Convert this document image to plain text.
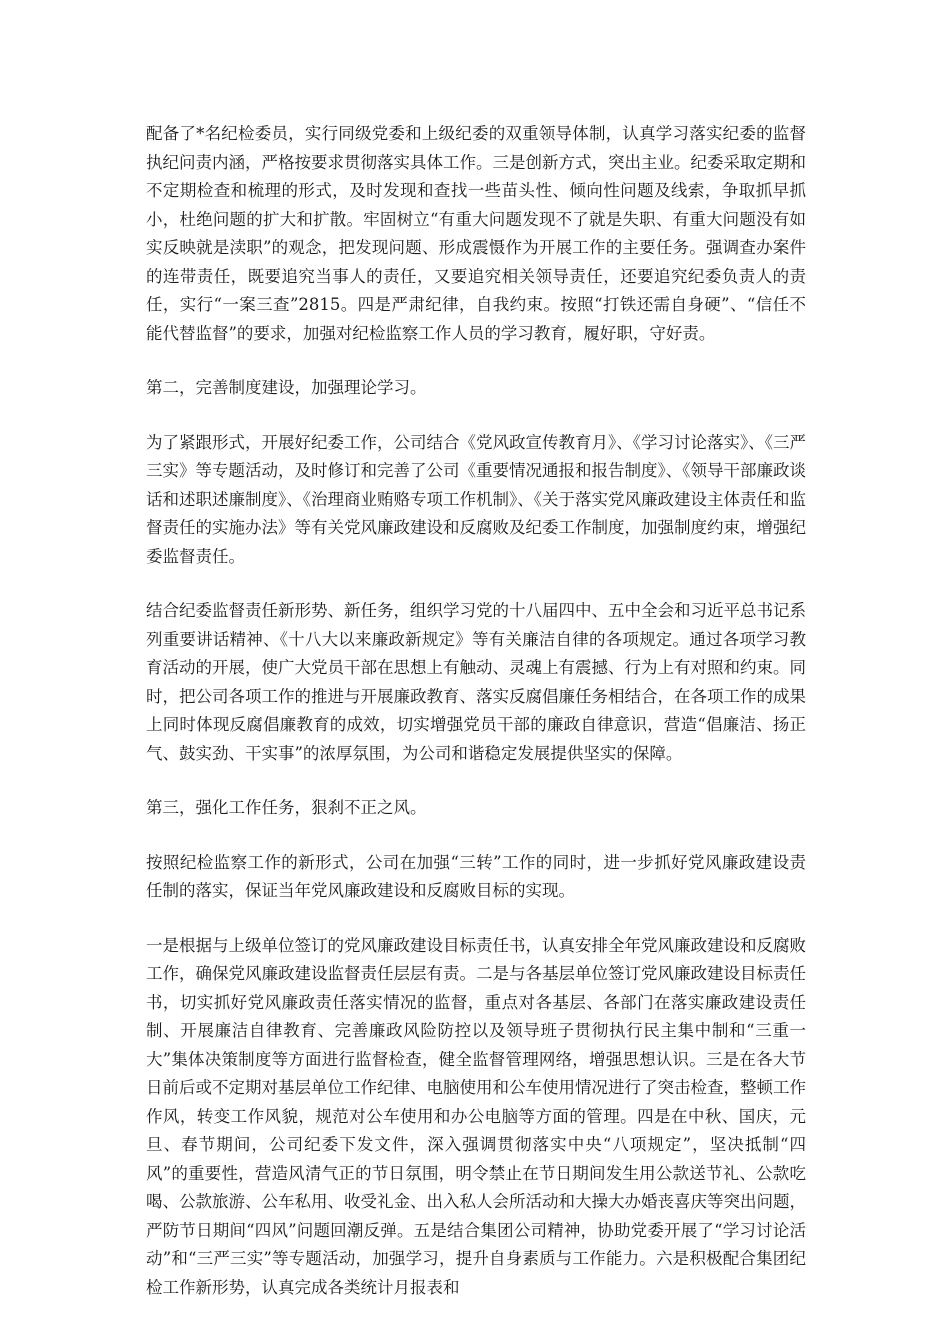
配备了*名纪检委员，实行同级党委和上级纪委的双重领导体制，认真学习落实纪委的监督执纪问责内涵，严格按要求贯彻落实具体工作。三是创新方式，突出主业。纪委采取定期和不定期检查和梳理的形式，及时发现和查找一些苗头性、倾向性问题及线索，争取抓早抓小，杜绝问题的扩大和扩散。牢固树立“有重大问题发现不了就是失职、有重大问题没有如实反映就是渎职”的观念，把发现问题、形成震慑作为开展工作的主要任务。强调查办案件的连带责任，既要追究当事人的责任，又要追究相关领导责任，还要追究纪委负责人的责任，实行“一案三查”2815。四是严肃纪律，自我约束。按照“打铁还需自身硬”、“信任不能代替监督”的要求，加强对纪检监察工作人员的学习教育，履好职，守好责。

第二，完善制度建设，加强理论学习。

为了紧跟形式，开展好纪委工作，公司结合《党风政宣传教育月》、《学习讨论落实》、《三严三实》等专题活动，及时修订和完善了公司《重要情况通报和报告制度》、《领导干部廉政谈话和述职述廉制度》、《治理商业贿赂专项工作机制》、《关于落实党风廉政建设主体责任和监督责任的实施办法》等有关党风廉政建设和反腐败及纪委工作制度，加强制度约束，增强纪委监督责任。

结合纪委监督责任新形势、新任务，组织学习党的十八届四中、五中全会和习近平总书记系列重要讲话精神、《十八大以来廉政新规定》等有关廉洁自律的各项规定。通过各项学习教育活动的开展，使广大党员干部在思想上有触动、灵魂上有震撼、行为上有对照和约束。同时，把公司各项工作的推进与开展廉政教育、落实反腐倡廉任务相结合，在各项工作的成果上同时体现反腐倡廉教育的成效，切实增强党员干部的廉政自律意识，营造“倡廉洁、扬正气、鼓实劲、干实事”的浓厚氛围，为公司和谐稳定发展提供坚实的保障。

第三，强化工作任务，狠刹不正之风。

按照纪检监察工作的新形式，公司在加强“三转”工作的同时，进一步抓好党风廉政建设责任制的落实，保证当年党风廉政建设和反腐败目标的实现。

一是根据与上级单位签订的党风廉政建设目标责任书，认真安排全年党风廉政建设和反腐败工作，确保党风廉政建设监督责任层层有责。二是与各基层单位签订党风廉政建设目标责任书，切实抓好党风廉政责任落实情况的监督，重点对各基层、各部门在落实廉政建设责任制、开展廉洁自律教育、完善廉政风险防控以及领导班子贯彻执行民主集中制和“三重一大”集体决策制度等方面进行监督检查，健全监督管理网络，增强思想认识。三是在各大节日前后或不定期对基层单位工作纪律、电脑使用和公车使用情况进行了突击检查，整顿工作作风，转变工作风貌，规范对公车使用和办公电脑等方面的管理。四是在中秋、国庆，元旦、春节期间，公司纪委下发文件，深入强调贯彻落实中央“八项规定”，坚决抵制“四风”的重要性，营造风清气正的节日氛围，明令禁止在节日期间发生用公款送节礼、公款吃喝、公款旅游、公车私用、收受礼金、出入私人会所活动和大操大办婚丧喜庆等突出问题，严防节日期间“四风”问题回潮反弹。五是结合集团公司精神，协助党委开展了“学习讨论活动”和“三严三实”等专题活动，加强学习，提升自身素质与工作能力。六是积极配合集团纪检工作新形势，认真完成各类统计月报表和
